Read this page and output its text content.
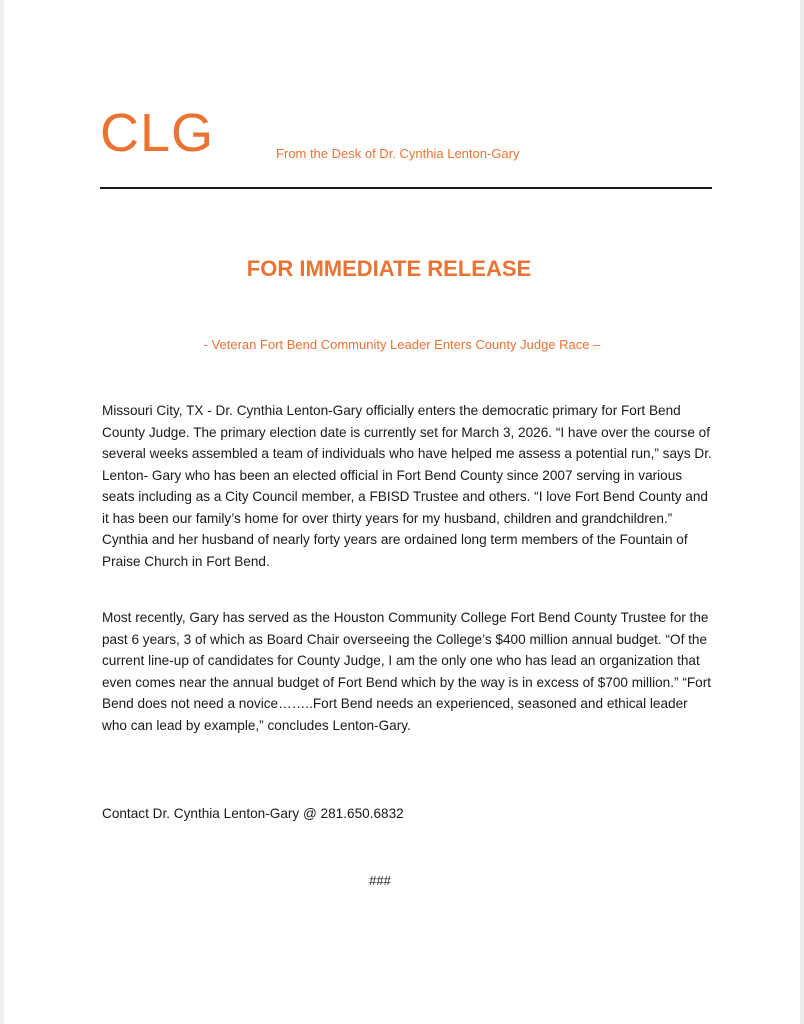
CLG	From the Desk of Dr. Cynthia Lenton-Gary
FOR IMMEDIATE RELEASE
- Veteran Fort Bend Community Leader Enters County Judge Race –

Missouri City, TX - Dr. Cynthia Lenton-Gary officially enters the democratic primary for Fort Bend County Judge. The primary election date is currently set for March 3, 2026. “I have over the course of several weeks assembled a team of individuals who have helped me assess a potential run,” says Dr. Lenton- Gary who has been an elected official in Fort Bend County since 2007 serving in various seats including as a City Council member, a FBISD Trustee and others. “I love Fort Bend County and it has been our family’s home for over thirty years for my husband, children and grandchildren.” Cynthia and her husband of nearly forty years are ordained long term members of the Fountain of Praise Church in Fort Bend.

Most recently, Gary has served as the Houston Community College Fort Bend County Trustee for the past 6 years, 3 of which as Board Chair overseeing the College’s $400 million annual budget. “Of the current line-up of candidates for County Judge, I am the only one who has lead an organization that even comes near the annual budget of Fort Bend which by the way is in excess of $700 million.” “Fort Bend does not need a novice……..Fort Bend needs an experienced, seasoned and ethical leader who can lead by example,” concludes Lenton-Gary.

Contact Dr. Cynthia Lenton-Gary @ 281.650.6832
###
